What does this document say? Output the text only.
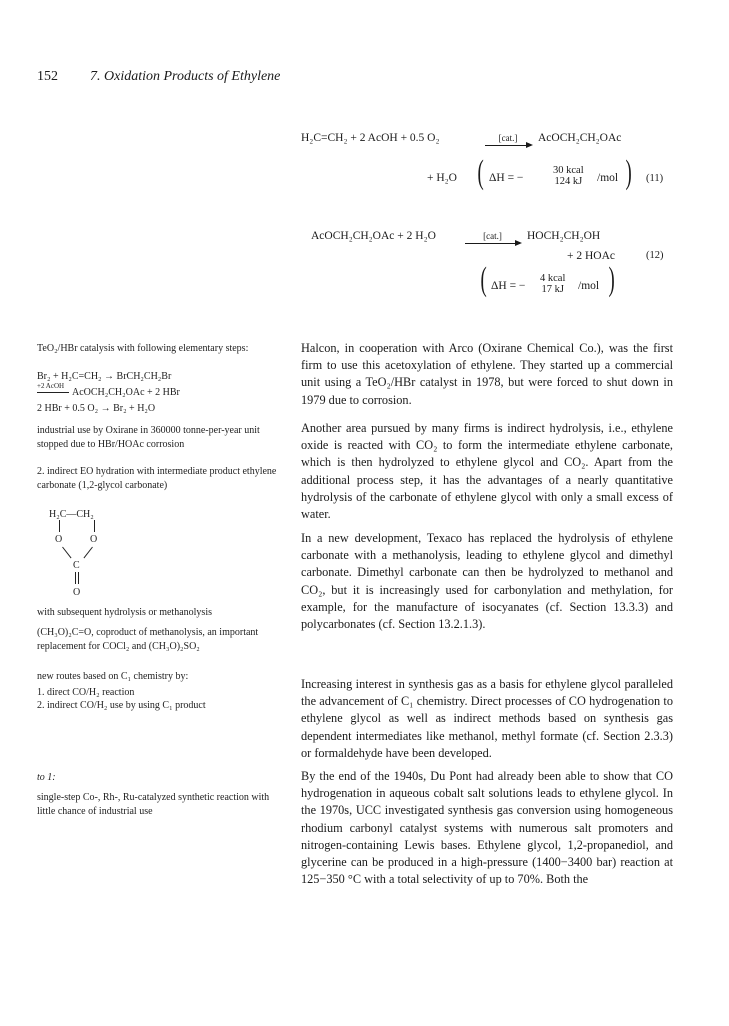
152 7. Oxidation Products of Ethylene
H₂C=CH₂ + 2 AcOH + 0.5 O₂	[cat.]	AcOCH₂CH₂OAc
+ H₂O ( ΔH = −
30 kcal
124 kJ /mol ) (11)
AcOCH₂CH₂OAc + 2 H₂O	[cat.]	HOCH₂CH₂OH
+ 2 HOAc	(12)
( ΔH = −
4 kcal
17 kJ /mol )
TeO₂/HBr catalysis with following elementary steps:
Br₂ + H₂C=CH₂ → BrCH₂CH₂Br
+2 AcOH
AcOCH₂CH₂OAc + 2 HBr
2 HBr + 0.5 O₂ → Br₂ + H₂O
industrial use by Oxirane in 360000 tonne-per-year unit stopped due to HBr/HOAc corrosion
2. indirect EO hydration with intermediate product ethylene carbonate (1,2-glycol carbonate)
H₂C—CH₂
O	O
C
O
with subsequent hydrolysis or methanolysis
(CH₃O)₂C=O, coproduct of methanolysis, an important replacement for COCl₂ and (CH₃O)₂SO₂
new routes based on C₁ chemistry by:
1. direct CO/H₂ reaction
2. indirect CO/H₂ use by using C₁ product
to 1:
single-step Co-, Rh-, Ru-catalyzed synthetic reaction with little chance of industrial use
Halcon, in cooperation with Arco (Oxirane Chemical Co.), was the first firm to use this acetoxylation of ethylene. They started up a commercial unit using a TeO₂/HBr catalyst in 1978, but were forced to shut down in 1979 due to corrosion.
Another area pursued by many firms is indirect hydrolysis, i.e., ethylene oxide is reacted with CO₂ to form the intermediate ethylene carbonate, which is then hydrolyzed to ethylene glycol and CO₂. Apart from the additional process step, it has the advantages of a nearly quantitative hydrolysis of the carbonate of ethylene glycol with only a small excess of water.
In a new development, Texaco has replaced the hydrolysis of ethylene carbonate with a methanolysis, leading to ethylene glycol and dimethyl carbonate. Dimethyl carbonate can then be hydrolyzed to methanol and CO₂, but it is increasingly used for carbonylation and methylation, for example, for the manufacture of isocyanates (cf. Section 13.3.3) and polycarbonates (cf. Section 13.2.1.3).
Increasing interest in synthesis gas as a basis for ethylene glycol paralleled the advancement of C₁ chemistry. Direct processes of CO hydrogenation to ethylene glycol as well as indirect methods based on synthesis gas dependent intermediates like methanol, methyl formate (cf. Section 2.3.3) or formaldehyde have been developed.
By the end of the 1940s, Du Pont had already been able to show that CO hydrogenation in aqueous cobalt salt solutions leads to ethylene glycol. In the 1970s, UCC investigated synthesis gas conversion using homogeneous rhodium carbonyl catalyst systems with numerous salt promoters and nitrogen-containing Lewis bases. Ethylene glycol, 1,2-propanediol, and glycerine can be produced in a high-pressure (1400−3400 bar) reaction at 125−350 °C with a total selectivity of up to 70%. Both the
